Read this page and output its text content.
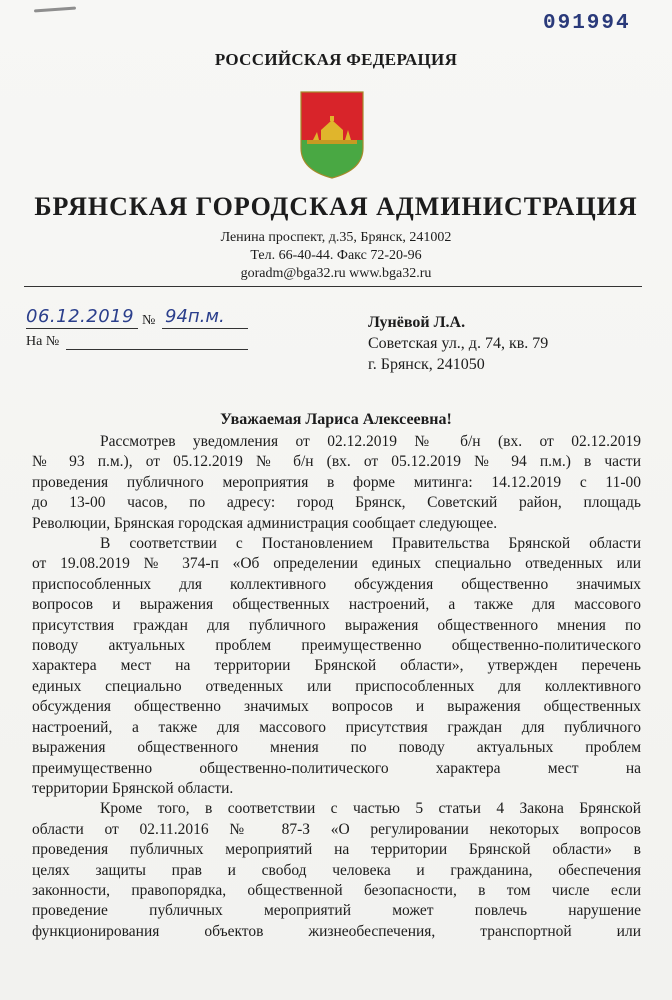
091994
РОССИЙСКАЯ ФЕДЕРАЦИЯ
БРЯНСКАЯ ГОРОДСКАЯ АДМИНИСТРАЦИЯ
Ленина проспект, д.35, Брянск, 241002
Тел. 66-40-44. Факс 72-20-96
goradm@bga32.ru www.bga32.ru
06.12.2019 № 94п.м.
На №
Лунёвой Л.А.
Советская ул., д. 74, кв. 79
г. Брянск, 241050
Уважаемая Лариса Алексеевна!
Рассмотрев уведомления от 02.12.2019 № б/н (вх. от 02.12.2019
№ 93 п.м.), от 05.12.2019 № б/н (вх. от 05.12.2019 № 94 п.м.) в части
проведения публичного мероприятия в форме митинга: 14.12.2019 с 11-00
до 13-00 часов, по адресу: город Брянск, Советский район, площадь
Революции, Брянская городская администрация сообщает следующее.
В соответствии с Постановлением Правительства Брянской области
от 19.08.2019 № 374-п «Об определении единых специально отведенных или
приспособленных для коллективного обсуждения общественно значимых
вопросов и выражения общественных настроений, а также для массового
присутствия граждан для публичного выражения общественного мнения по
поводу актуальных проблем преимущественно общественно-политического
характера мест на территории Брянской области», утвержден перечень
единых специально отведенных или приспособленных для коллективного
обсуждения общественно значимых вопросов и выражения общественных
настроений, а также для массового присутствия граждан для публичного
выражения общественного мнения по поводу актуальных проблем
преимущественно общественно-политического характера мест на
территории Брянской области.
Кроме того, в соответствии с частью 5 статьи 4 Закона Брянской
области от 02.11.2016 № 87-З «О регулировании некоторых вопросов
проведения публичных мероприятий на территории Брянской области» в
целях защиты прав и свобод человека и гражданина, обеспечения
законности, правопорядка, общественной безопасности, в том числе если
проведение публичных мероприятий может повлечь нарушение
функционирования объектов жизнеобеспечения, транспортной или
